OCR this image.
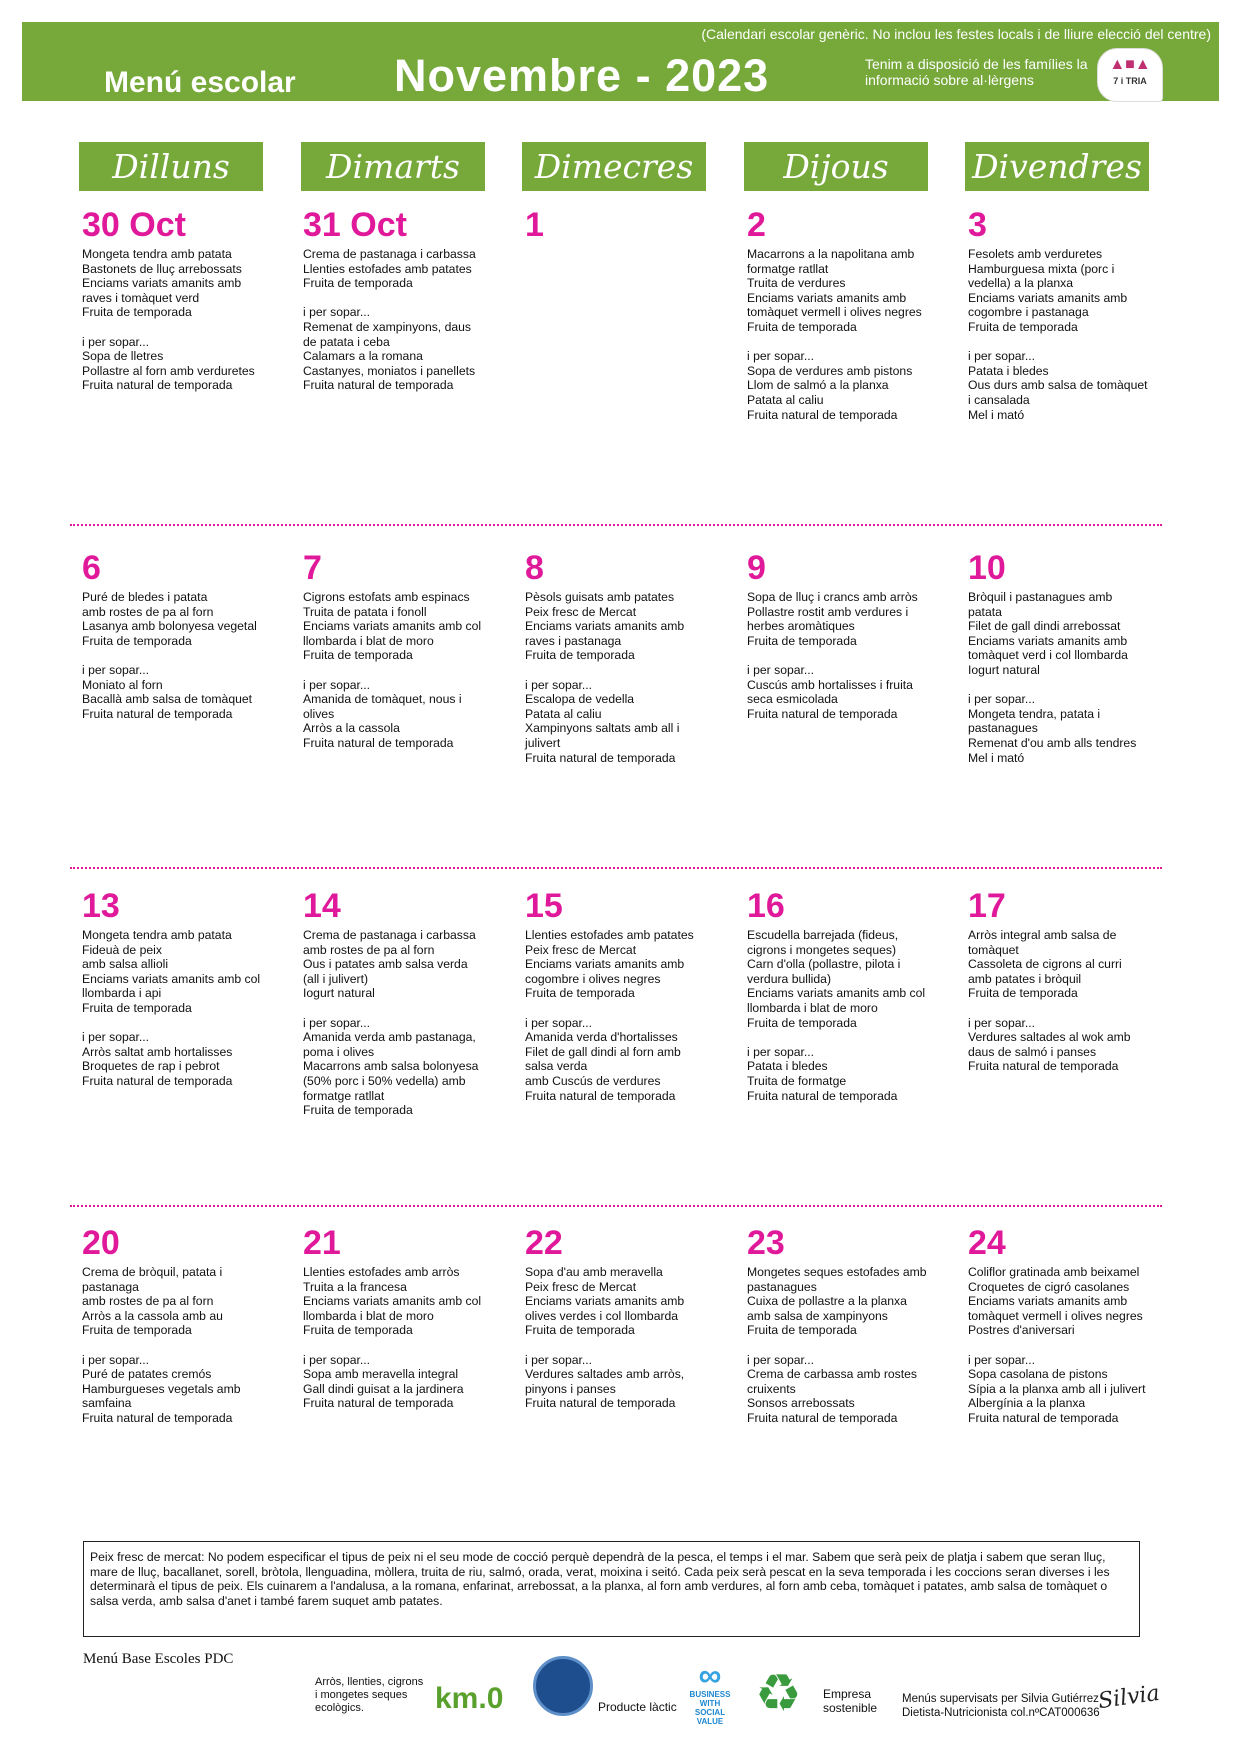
(Calendari escolar genèric. No inclou les festes locals i de lliure elecció del centre)
Menú escolar Novembre - 2023	Tenim a disposició de les famílies la
informació sobre al·lèrgens
▲■▲
7 i TRIA
Dilluns	Dimarts	Dimecres	Dijous	Divendres
30 Oct
Mongeta tendra amb patata
Bastonets de lluç arrebossats
Enciams variats amanits amb
raves i tomàquet verd
Fruita de temporada
i per sopar...
Sopa de lletres
Pollastre al forn amb verduretes
Fruita natural de temporada
31 Oct
Crema de pastanaga i carbassa
Llenties estofades amb patates
Fruita de temporada
i per sopar...
Remenat de xampinyons, daus
de patata i ceba
Calamars a la romana
Castanyes, moniatos i panellets
Fruita natural de temporada
1	2
Macarrons a la napolitana amb
formatge ratllat
Truita de verdures
Enciams variats amanits amb
tomàquet vermell i olives negres
Fruita de temporada
i per sopar...
Sopa de verdures amb pistons
Llom de salmó a la planxa
Patata al caliu
Fruita natural de temporada
3
Fesolets amb verduretes
Hamburguesa mixta (porc i
vedella) a la planxa
Enciams variats amanits amb
cogombre i pastanaga
Fruita de temporada
i per sopar...
Patata i bledes
Ous durs amb salsa de tomàquet
i cansalada
Mel i mató
6
Puré de bledes i patata
amb rostes de pa al forn
Lasanya amb bolonyesa vegetal
Fruita de temporada
i per sopar...
Moniato al forn
Bacallà amb salsa de tomàquet
Fruita natural de temporada
7
Cigrons estofats amb espinacs
Truita de patata i fonoll
Enciams variats amanits amb col
llombarda i blat de moro
Fruita de temporada
i per sopar...
Amanida de tomàquet, nous i
olives
Arròs a la cassola
Fruita natural de temporada
8
Pèsols guisats amb patates
Peix fresc de Mercat
Enciams variats amanits amb
raves i pastanaga
Fruita de temporada
i per sopar...
Escalopa de vedella
Patata al caliu
Xampinyons saltats amb all i
julivert
Fruita natural de temporada
9
Sopa de lluç i crancs amb arròs
Pollastre rostit amb verdures i
herbes aromàtiques
Fruita de temporada
i per sopar...
Cuscús amb hortalisses i fruita
seca esmicolada
Fruita natural de temporada
10
Bròquil i pastanagues amb
patata
Filet de gall dindi arrebossat
Enciams variats amanits amb
tomàquet verd i col llombarda
Iogurt natural
i per sopar...
Mongeta tendra, patata i
pastanagues
Remenat d'ou amb alls tendres
Mel i mató
13
Mongeta tendra amb patata
Fideuà de peix
amb salsa allioli
Enciams variats amanits amb col
llombarda i api
Fruita de temporada
i per sopar...
Arròs saltat amb hortalisses
Broquetes de rap i pebrot
Fruita natural de temporada
14
Crema de pastanaga i carbassa
amb rostes de pa al forn
Ous i patates amb salsa verda
(all i julivert)
Iogurt natural
i per sopar...
Amanida verda amb pastanaga,
poma i olives
Macarrons amb salsa bolonyesa
(50% porc i 50% vedella) amb
formatge ratllat
Fruita de temporada
15
Llenties estofades amb patates
Peix fresc de Mercat
Enciams variats amanits amb
cogombre i olives negres
Fruita de temporada
i per sopar...
Amanida verda d'hortalisses
Filet de gall dindi al forn amb
salsa verda
amb Cuscús de verdures
Fruita natural de temporada
16
Escudella barrejada (fideus,
cigrons i mongetes seques)
Carn d'olla (pollastre, pilota i
verdura bullida)
Enciams variats amanits amb col
llombarda i blat de moro
Fruita de temporada
i per sopar...
Patata i bledes
Truita de formatge
Fruita natural de temporada
17
Arròs integral amb salsa de
tomàquet
Cassoleta de cigrons al curri
amb patates i bròquil
Fruita de temporada
i per sopar...
Verdures saltades al wok amb
daus de salmó i panses
Fruita natural de temporada
20
Crema de bròquil, patata i
pastanaga
amb rostes de pa al forn
Arròs a la cassola amb au
Fruita de temporada
i per sopar...
Puré de patates cremós
Hamburgueses vegetals amb
samfaina
Fruita natural de temporada
21
Llenties estofades amb arròs
Truita a la francesa
Enciams variats amanits amb col
llombarda i blat de moro
Fruita de temporada
i per sopar...
Sopa amb meravella integral
Gall dindi guisat a la jardinera
Fruita natural de temporada
22
Sopa d'au amb meravella
Peix fresc de Mercat
Enciams variats amanits amb
olives verdes i col llombarda
Fruita de temporada
i per sopar...
Verdures saltades amb arròs,
pinyons i panses
Fruita natural de temporada
23
Mongetes seques estofades amb
pastanagues
Cuixa de pollastre a la planxa
amb salsa de xampinyons
Fruita de temporada
i per sopar...
Crema de carbassa amb rostes
cruixents
Sonsos arrebossats
Fruita natural de temporada
24
Coliflor gratinada amb beixamel
Croquetes de cigró casolanes
Enciams variats amanits amb
tomàquet vermell i olives negres
Postres d'aniversari
i per sopar...
Sopa casolana de pistons
Sípia a la planxa amb all i julivert
Albergínia a la planxa
Fruita natural de temporada
Peix fresc de mercat: No podem especificar el tipus de peix ni el seu mode de cocció perquè dependrà de la pesca, el temps i el mar. Sabem que serà peix de platja i sabem que seran lluç, mare de lluç, bacallanet, sorell, bròtola, llenguadina, mòllera, truita de riu, salmó, orada, verat, moixina i seitó. Cada peix serà pescat en la seva temporada i les coccions seran diverses i les determinarà el tipus de peix. Els cuinarem a l'andalusa, a la romana, enfarinat, arrebossat, a la planxa, al forn amb verdures, al forn amb ceba, tomàquet i patates, amb salsa de tomàquet o salsa verda, amb salsa d'anet i també farem suquet amb patates.
Menú Base Escoles PDC
Arròs, llenties, cigrons
i mongetes seques
ecològics.	km.0	Producte làctic
∞
BUSINESS
WITH
SOCIAL
VALUE ♻ Empresa
sostenible
Menús supervisats per Silvia Gutiérrez
Dietista-Nutricionista col.nºCAT000636
Silvia
